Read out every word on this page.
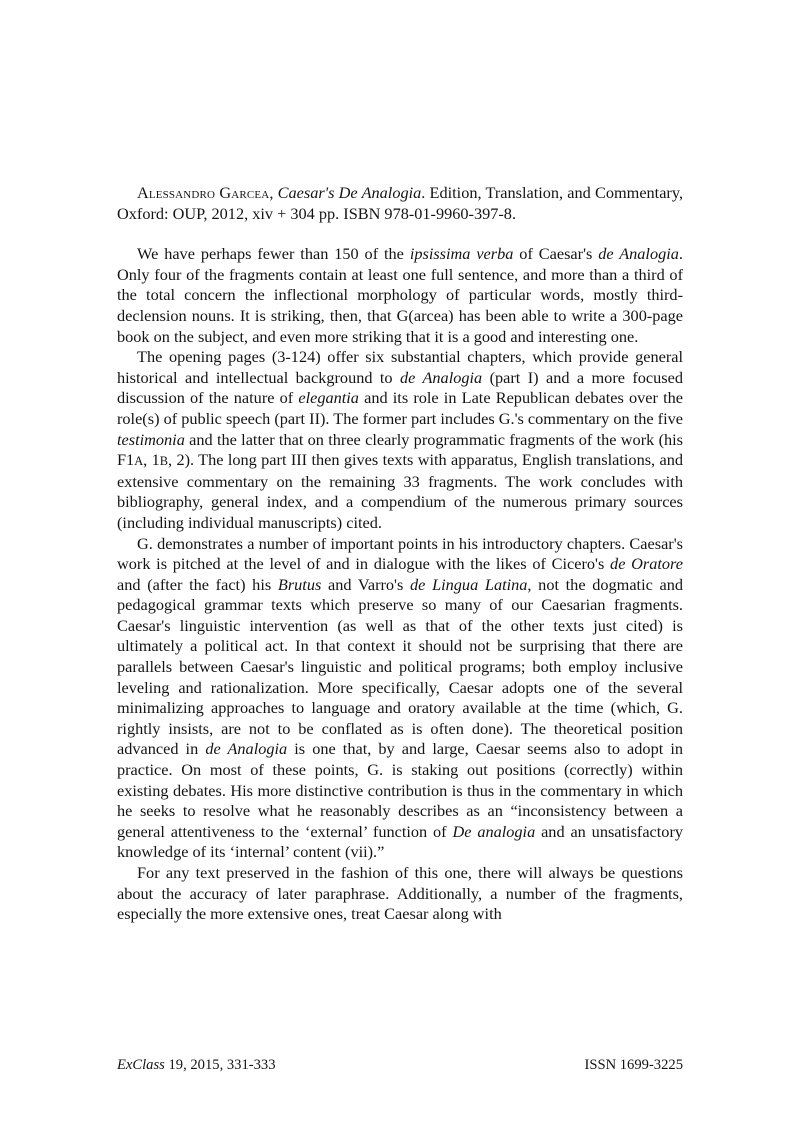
Alessandro Garcea, Caesar's De Analogia. Edition, Translation, and Commentary, Oxford: OUP, 2012, xiv + 304 pp. ISBN 978-01-9960-397-8.

We have perhaps fewer than 150 of the ipsissima verba of Caesar's de Analogia. Only four of the fragments contain at least one full sentence, and more than a third of the total concern the inflectional morphology of particular words, mostly third-declension nouns. It is striking, then, that G(arcea) has been able to write a 300-page book on the subject, and even more striking that it is a good and interesting one.

The opening pages (3-124) offer six substantial chapters, which provide general historical and intellectual background to de Analogia (part I) and a more focused discussion of the nature of elegantia and its role in Late Republican debates over the role(s) of public speech (part II). The former part includes G.'s commentary on the five testimonia and the latter that on three clearly programmatic fragments of the work (his F1A, 1B, 2). The long part III then gives texts with apparatus, English translations, and extensive commentary on the remaining 33 fragments. The work concludes with bibliography, general index, and a compendium of the numerous primary sources (including individual manuscripts) cited.

G. demonstrates a number of important points in his introductory chapters. Caesar's work is pitched at the level of and in dialogue with the likes of Cicero's de Oratore and (after the fact) his Brutus and Varro's de Lingua Latina, not the dogmatic and pedagogical grammar texts which preserve so many of our Caesarian fragments. Caesar's linguistic intervention (as well as that of the other texts just cited) is ultimately a political act. In that context it should not be surprising that there are parallels between Caesar's linguistic and political programs; both employ inclusive leveling and rationalization. More specifically, Caesar adopts one of the several minimalizing approaches to language and oratory available at the time (which, G. rightly insists, are not to be conflated as is often done). The theoretical position advanced in de Analogia is one that, by and large, Caesar seems also to adopt in practice. On most of these points, G. is staking out positions (correctly) within existing debates. His more distinctive contribution is thus in the commentary in which he seeks to resolve what he reasonably describes as an “inconsistency between a general attentiveness to the ‘external’ function of De analogia and an unsatisfactory knowledge of its ‘internal’ content (vii).”

For any text preserved in the fashion of this one, there will always be questions about the accuracy of later paraphrase. Additionally, a number of the fragments, especially the more extensive ones, treat Caesar along with

ExClass 19, 2015, 331-333	ISSN 1699-3225
